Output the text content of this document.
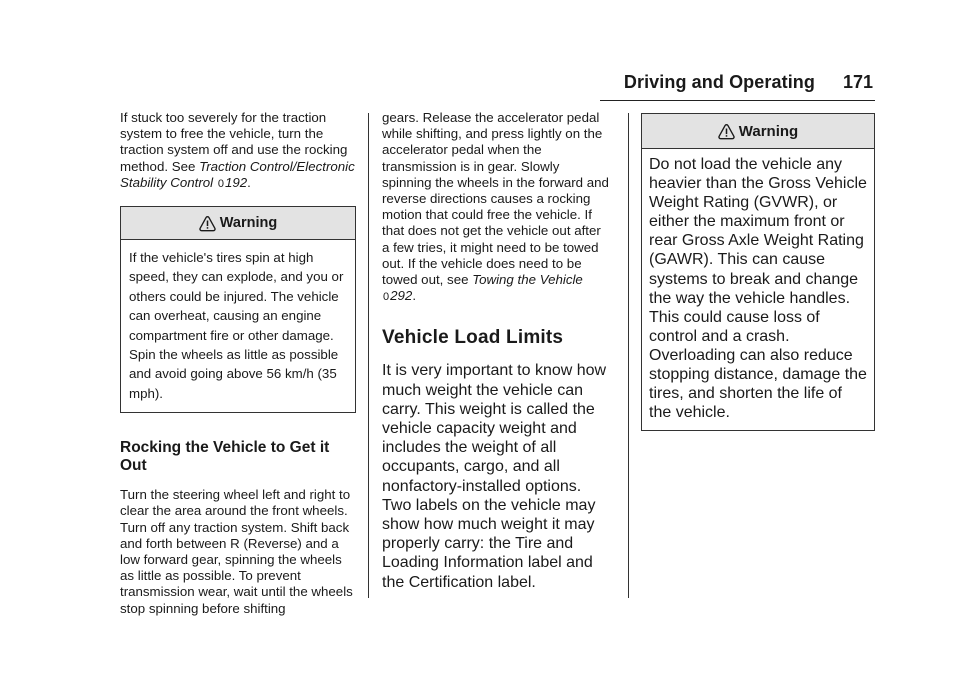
Driving and Operating 171

If stuck too severely for the traction system to free the vehicle, turn the traction system off and use the rocking method. See Traction Control/Electronic Stability Control 0192.

Warning
If the vehicle's tires spin at high speed, they can explode, and you or others could be injured. The vehicle can overheat, causing an engine compartment fire or other damage. Spin the wheels as little as possible and avoid going above 56 km/h (35 mph).
Rocking the Vehicle to Get it Out

Turn the steering wheel left and right to clear the area around the front wheels. Turn off any traction system. Shift back and forth between R (Reverse) and a low forward gear, spinning the wheels as little as possible. To prevent transmission wear, wait until the wheels stop spinning before shifting

gears. Release the accelerator pedal while shifting, and press lightly on the accelerator pedal when the transmission is in gear. Slowly spinning the wheels in the forward and reverse directions causes a rocking motion that could free the vehicle. If that does not get the vehicle out after a few tries, it might need to be towed out. If the vehicle does need to be towed out, see Towing the Vehicle 0292.

Vehicle Load Limits

It is very important to know how much weight the vehicle can carry. This weight is called the vehicle capacity weight and includes the weight of all occupants, cargo, and all nonfactory-installed options. Two labels on the vehicle may show how much weight it may properly carry: the Tire and Loading Information label and the Certification label.

Warning
Do not load the vehicle any heavier than the Gross Vehicle Weight Rating (GVWR), or either the maximum front or rear Gross Axle Weight Rating (GAWR). This can cause systems to break and change the way the vehicle handles. This could cause loss of control and a crash. Overloading can also reduce stopping distance, damage the tires, and shorten the life of the vehicle.
